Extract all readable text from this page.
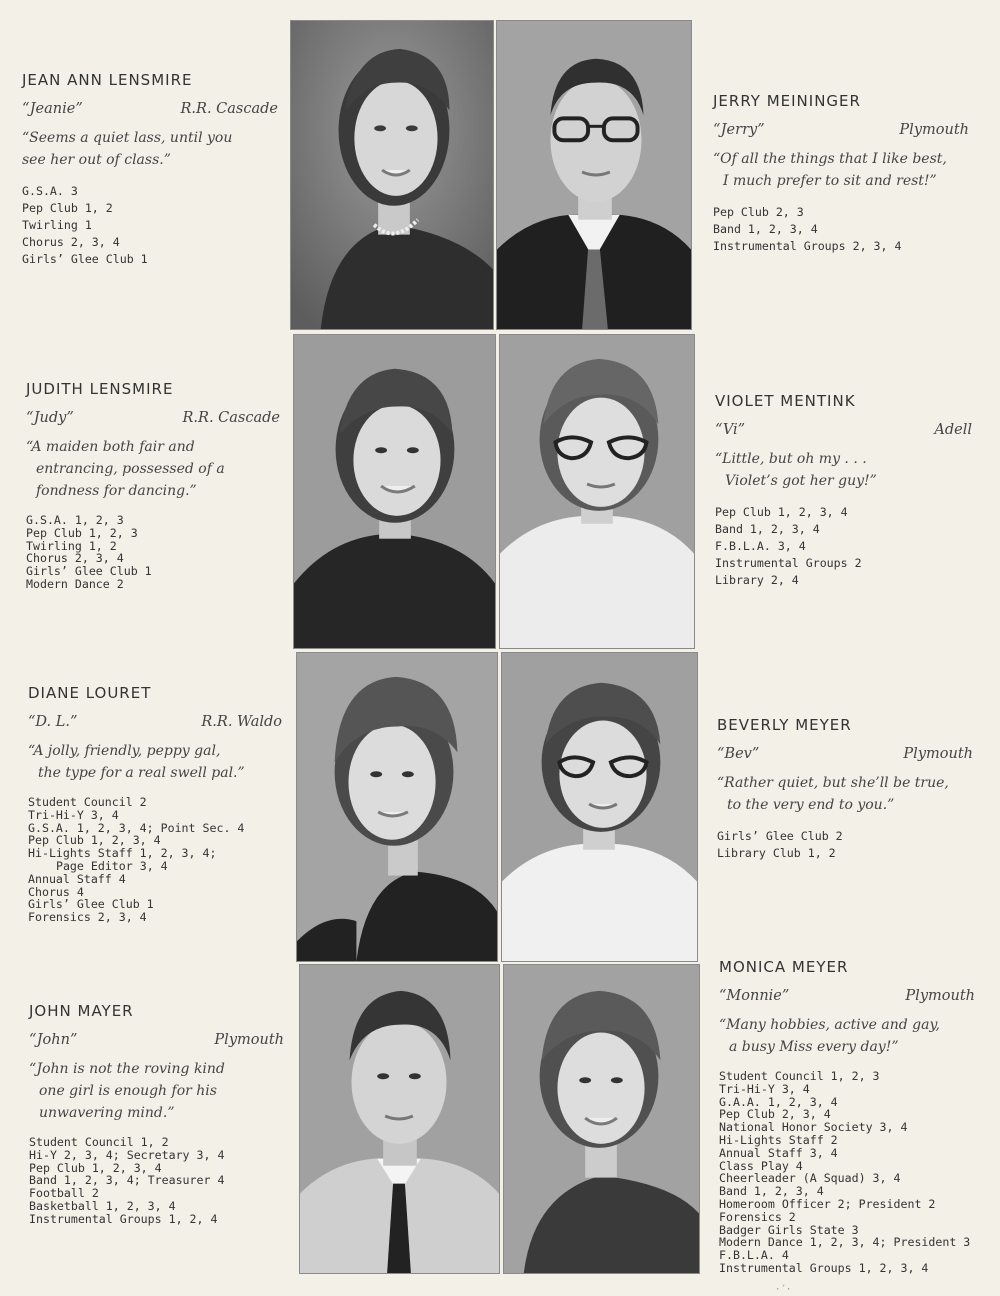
JEAN ANN LENSMIRE
“Jeanie”	R.R. Cascade
“Seems a quiet lass, until you
see her out of class.”
G.S.A. 3
Pep Club 1, 2
Twirling 1
Chorus 2, 3, 4
Girls’ Glee Club 1
JERRY MEININGER
“Jerry”	Plymouth
“Of all the things that I like best,
I much prefer to sit and rest!”
Pep Club 2, 3
Band 1, 2, 3, 4
Instrumental Groups 2, 3, 4
JUDITH LENSMIRE
“Judy”	R.R. Cascade
“A maiden both fair and
entrancing, possessed of a
fondness for dancing.”
G.S.A. 1, 2, 3
Pep Club 1, 2, 3
Twirling 1, 2
Chorus 2, 3, 4
Girls’ Glee Club 1
Modern Dance 2
VIOLET MENTINK
“Vi”	Adell
“Little, but oh my . . .
Violet’s got her guy!”
Pep Club 1, 2, 3, 4
Band 1, 2, 3, 4
F.B.L.A. 3, 4
Instrumental Groups 2
Library 2, 4
DIANE LOURET
“D. L.”	R.R. Waldo
“A jolly, friendly, peppy gal,
the type for a real swell pal.”
Student Council 2
Tri-Hi-Y 3, 4
G.S.A. 1, 2, 3, 4; Point Sec. 4
Pep Club 1, 2, 3, 4
Hi-Lights Staff 1, 2, 3, 4;
Page Editor 3, 4
Annual Staff 4
Chorus 4
Girls’ Glee Club 1
Forensics 2, 3, 4
BEVERLY MEYER
“Bev”	Plymouth
“Rather quiet, but she’ll be true,
to the very end to you.”
Girls’ Glee Club 2
Library Club 1, 2
JOHN MAYER
“John”	Plymouth
“John is not the roving kind
one girl is enough for his
unwavering mind.”
Student Council 1, 2
Hi-Y 2, 3, 4; Secretary 3, 4
Pep Club 1, 2, 3, 4
Band 1, 2, 3, 4; Treasurer 4
Football 2
Basketball 1, 2, 3, 4
Instrumental Groups 1, 2, 4
MONICA MEYER
“Monnie”	Plymouth
“Many hobbies, active and gay,
a busy Miss every day!”
Student Council 1, 2, 3
Tri-Hi-Y 3, 4
G.A.A. 1, 2, 3, 4
Pep Club 2, 3, 4
National Honor Society 3, 4
Hi-Lights Staff 2
Annual Staff 3, 4
Class Play 4
Cheerleader (A Squad) 3, 4
Band 1, 2, 3, 4
Homeroom Officer 2; President 2
Forensics 2
Badger Girls State 3
Modern Dance 1, 2, 3, 4; President 3
F.B.L.A. 4
Instrumental Groups 1, 2, 3, 4
·´·
